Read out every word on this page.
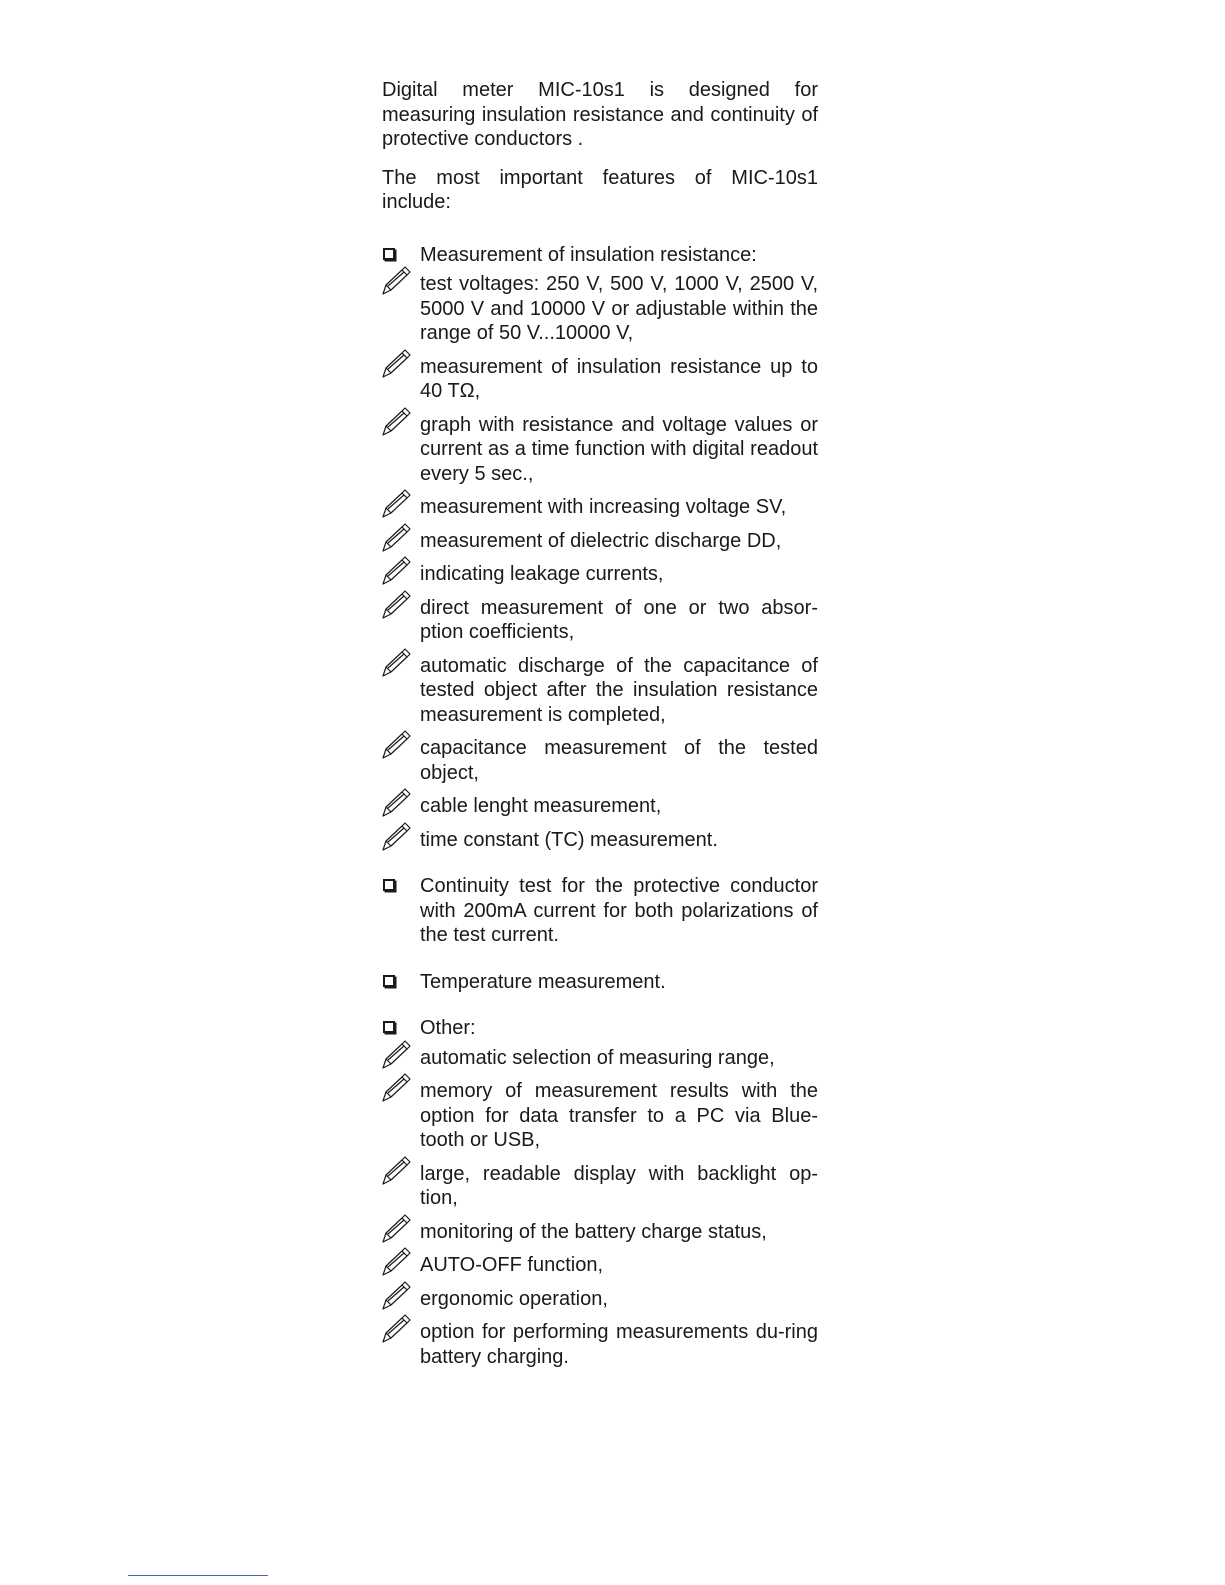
Digital meter MIC-10s1 is designed for measuring insulation resistance and continuity of protective conductors .

The most important features of MIC-10s1 include:

Measurement of insulation resistance:
test voltages: 250 V, 500 V, 1000 V, 2500 V, 5000 V and 10000 V or adjustable within the range of 50 V...10000 V,
measurement of insulation resistance up to 40 TΩ,
graph with resistance and voltage values or current as a time function with digital readout every 5 sec.,
measurement with increasing voltage SV,
measurement of dielectric discharge DD,
indicating leakage currents,
direct measurement of one or two absor-ption coefficients,
automatic discharge of the capacitance of tested object after the insulation resistance measurement is completed,
capacitance measurement of the tested object,
cable lenght measurement,
time constant (TC) measurement.
Continuity test for the protective conductor with 200mA current for both polarizations of the test current.
Temperature measurement.
Other:
automatic selection of measuring range,
memory of measurement results with the option for data transfer to a PC via Blue-tooth or USB,
large, readable display with backlight op-tion,
monitoring of the battery charge status,
AUTO-OFF function,
ergonomic operation,
option for performing measurements du-ring battery charging.
